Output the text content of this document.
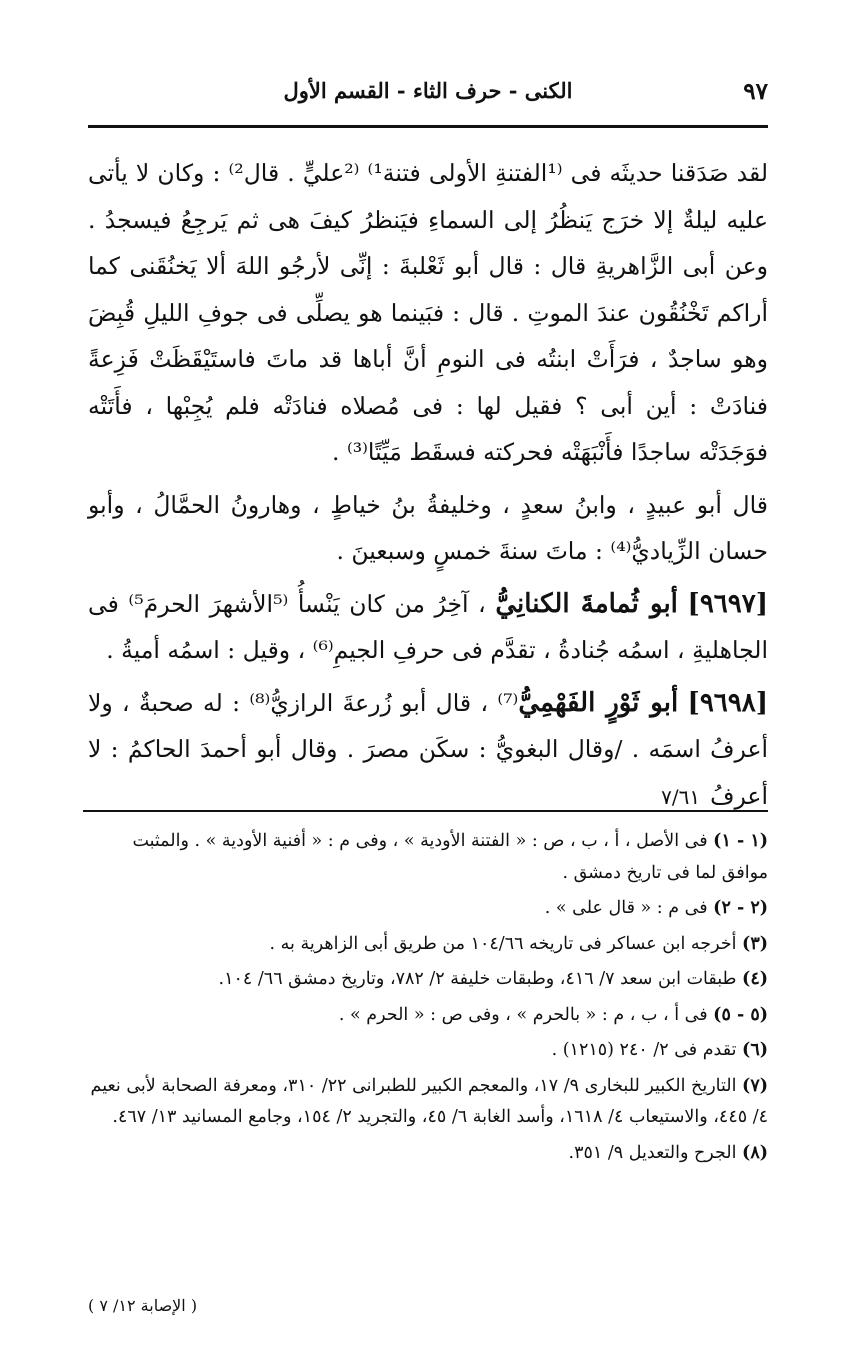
٩٧
الكنى - حرف الثاء - القسم الأول

لقد صَدَقنا حديثَه فى ⁽¹الفتنةِ الأولى فتنة¹⁾ ⁽²عليٍّ . قال²⁾ : وكان لا يأتى عليه ليلةٌ إلا خرَج يَنظُرُ إلى السماءِ فيَنظرُ كيفَ هى ثم يَرجِعُ فيسجدُ . وعن أبى الزَّاهريةِ قال : قال أبو ثَعْلبةَ : إنِّى لأرجُو اللهَ ألا يَخنُقَنى كما أراكم تَخْنُقُون عندَ الموتِ . قال : فبَينما هو يصلِّى فى جوفِ الليلِ قُبِضَ وهو ساجدٌ ، فرَأَتْ ابنتُه فى النومِ أنَّ أباها قد ماتَ فاستَيْقَظَتْ فَزِعةً فنادَتْ : أين أبى ؟ فقيل لها : فى مُصلاه فنادَتْه فلم يُجِبْها ، فأَتَتْه فوَجَدَتْه ساجدًا فأَنْبَهَتْه فحركته فسقَط مَيِّتًا⁽³⁾ .

قال أبو عبيدٍ ، وابنُ سعدٍ ، وخليفةُ بنُ خياطٍ ، وهارونُ الحمَّالُ ، وأبو حسان الزِّياديُّ⁽⁴⁾ : ماتَ سنةَ خمسٍ وسبعينَ .

[٩٦٩٧] أبو ثُمامةَ الكنانِيُّ ، آخِرُ من كان يَنْسأُ ⁽⁵الأشهرَ الحرمَ⁵⁾ فى الجاهليةِ ، اسمُه جُنادةُ ، تقدَّم فى حرفِ الجيمِ⁽⁶⁾ ، وقيل : اسمُه أميةُ .

[٩٦٩٨] أبو ثَوْرٍ الفَهْمِيُّ⁽⁷⁾ ، قال أبو زُرعةَ الرازيُّ⁽⁸⁾ : له صحبةٌ ، ولا أعرفُ اسمَه . /وقال البغويُّ : سكَن مصرَ . وقال أبو أحمدَ الحاكمُ : لا أعرفُ٧/٦١

(١ - ١) فى الأصل ، أ ، ب ، ص : « الفتنة الأودية » ، وفى م : « أفنية الأودية » . والمثبت موافق لما فى تاريخ دمشق .

(٢ - ٢) فى م : « قال على » .

(٣) أخرجه ابن عساكر فى تاريخه ١٠٤/٦٦ من طريق أبى الزاهرية به .

(٤) طبقات ابن سعد ٧/ ٤١٦، وطبقات خليفة ٢/ ٧٨٢، وتاريخ دمشق ٦٦/ ١٠٤.

(٥ - ٥) فى أ ، ب ، م : « بالحرم » ، وفى ص : « الحرم » .

(٦) تقدم فى ٢/ ٢٤٠ (١٢١٥) .

(٧) التاريخ الكبير للبخارى ٩/ ١٧، والمعجم الكبير للطبرانى ٢٢/ ٣١٠، ومعرفة الصحابة لأبى نعيم ٤/ ٤٤٥، والاستيعاب ٤/ ١٦١٨، وأسد الغابة ٦/ ٤٥، والتجريد ٢/ ١٥٤، وجامع المسانيد ١٣/ ٤٦٧.

(٨) الجرح والتعديل ٩/ ٣٥١.

( الإصابة ١٢/ ٧ )
